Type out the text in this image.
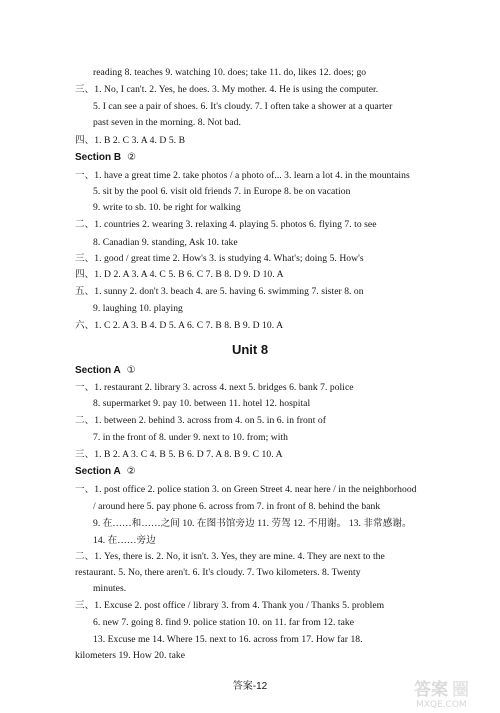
reading 8. teaches 9. watching 10. does; take 11. do, likes 12. does; go
三、1. No, I can't. 2. Yes, he does. 3. My mother. 4. He is using the computer.
5. I can see a pair of shoes. 6. It's cloudy. 7. I often take a shower at a quarter
past seven in the morning. 8. Not bad.
四、1. B 2. C 3. A 4. D 5. B
Section B ②
一、1. have a great time 2. take photos / a photo of... 3. learn a lot 4. in the mountains
5. sit by the pool 6. visit old friends 7. in Europe 8. be on vacation
9. write to sb. 10. be right for walking
二、1. countries 2. wearing 3. relaxing 4. playing 5. photos 6. flying 7. to see
8. Canadian 9. standing, Ask 10. take
三、1. good / great time 2. How's 3. is studying 4. What's; doing 5. How's
四、1. D 2. A 3. A 4. C 5. B 6. C 7. B 8. D 9. D 10. A
五、1. sunny 2. don't 3. beach 4. are 5. having 6. swimming 7. sister 8. on
9. laughing 10. playing
六、1. C 2. A 3. B 4. D 5. A 6. C 7. B 8. B 9. D 10. A
Unit 8
Section A ①
一、1. restaurant 2. library 3. across 4. next 5. bridges 6. bank 7. police
8. supermarket 9. pay 10. between 11. hotel 12. hospital
二、1. between 2. behind 3. across from 4. on 5. in 6. in front of
7. in the front of 8. under 9. next to 10. from; with
三、1. B 2. A 3. C 4. B 5. B 6. D 7. A 8. B 9. C 10. A
Section A ②
一、1. post office 2. police station 3. on Green Street 4. near here / in the neighborhood
/ around here 5. pay phone 6. across from 7. in front of 8. behind the bank
9. 在……和……之间 10. 在图书馆旁边 11. 劳驾 12. 不用谢。 13. 非常感谢。
14. 在……旁边
二、1. Yes, there is. 2. No, it isn't. 3. Yes, they are mine. 4. They are next to the
restaurant. 5. No, there aren't. 6. It's cloudy. 7. Two kilometers. 8. Twenty
minutes.
三、1. Excuse 2. post office / library 3. from 4. Thank you / Thanks 5. problem
6. new 7. going 8. find 9. police station 10. on 11. far from 12. take
13. Excuse me 14. Where 15. next to 16. across from 17. How far 18.
kilometers 19. How 20. take
答案-12	答案 圈
MXQE.COM
